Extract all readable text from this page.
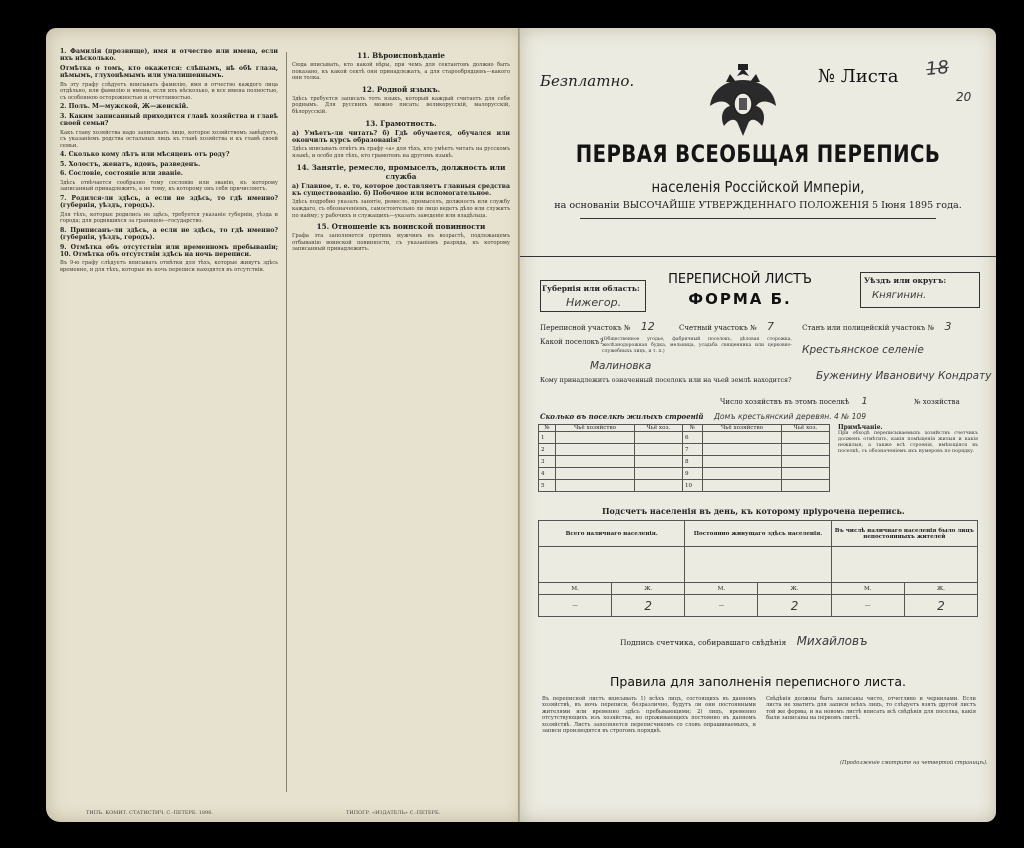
1. Фамилія (прозвище), имя и отчество или имена, если ихъ нѣсколько.

Отмѣтка о томъ, кто окажется: слѣпымъ, нѣ обѣ глаза, нѣмымъ, глухонѣмымъ или умалишеннымъ.

Въ эту графу слѣдуетъ вписывать фамилію, имя и отчество каждого лица отдѣльно, или фамилію и имена, если ихъ нѣсколько, и все имена полностью, съ особенною осторожностью и отчетливостью.

2. Полъ. М—мужской, Ж—женскій.

3. Каким записанный приходится главѣ хозяйства и главѣ своей семьи?

Какъ главу хозяйства надо записывать лицо, которое хозяйствомъ завѣдуетъ, съ указаніемъ родства остальных лицъ къ главѣ хозяйства и къ главѣ своей семьи.

4. Сколько кому лѣтъ или мѣсяцевъ отъ роду?

5. Холостъ, женатъ, вдовъ, разведенъ.

6. Сословіе, состояніе или званіе.

Здѣсь отвѣчается сообразно тому сословію или званію, къ которому записанный принадлежитъ, а не тому, къ которому онъ себя причисляетъ.

7. Родился-ли здѣсь, а если не здѣсь, то гдѣ именно? (губернія, уѣздъ, городъ).

Для тѣхъ, которые родились не здѣсь, требуется указаніе губерніи, уѣзда и города; для родившихся за границею—государство.

8. Приписанъ-ли здѣсь, а если не здѣсь, то гдѣ именно? (губернія, уѣздъ, городъ).

9. Отмѣтка объ отсутствіи или временномъ пребываніи; 10. Отмѣтка объ отсутствіи здѣсь на ночь переписи.

Въ 9-ю графу слѣдуетъ вписывать отмѣтки для тѣхъ, которые живутъ здѣсь временно, и для тѣхъ, которые въ ночь переписи находятся въ отсутствіи.

11. Вѣроисповѣданіе

Сюда вписывать, кто какой вѣры, при чемъ для сектантовъ должно быть показано, къ какой сектѣ они принадлежатъ, а для старообрядцевъ—какого они толка.

12. Родной языкъ.

Здѣсь требуется записать тотъ языкъ, который каждый считаетъ для себя роднымъ. Для русскихъ можно писать: великорусскій, малорусскій, бѣлорусскій.

13. Грамотность.

а) Умѣетъ-ли читать? б) Гдѣ обучается, обучался или окончилъ курсъ образованія?

Здѣсь вписывать отвѣтъ въ графу «а» для тѣхъ, кто умѣетъ читать на русскомъ языкѣ, и особо для тѣхъ, кто грамотенъ на другомъ языкѣ.

14. Занятіе, ремесло, промыселъ, должность или служба

а) Главное, т. е. то, которое доставляетъ главныя средства къ существованію. б) Побочное или вспомогательное.

Здѣсь подробно указать занятіе, ремесло, промыселъ, должность или службу каждаго, съ обозначеніемъ, самостоятельно ли лицо ведетъ дѣло или служитъ по найму; у рабочихъ и служащихъ—указать заведеніе или владѣльца.

15. Отношеніе къ воинской повинности

Графа эта заполняется противъ мужчинъ въ возрастѣ, подлежащемъ отбыванію воинской повинности, съ указаніемъ разряда, къ которому записанный принадлежитъ.

ТИПЪ. КОМИТ. СТАТИСТИЧ. С.-ПЕТЕРБ. 1896.	ТИПОГР. «ИЗДАТЕЛЬ» С.-ПЕТЕРБ.
Безплатно.	№ Листа 18
20
ПЕРВАЯ ВСЕОБЩАЯ ПЕРЕПИСЬ
населенія Россійской Имперіи,
на основаніи ВЫСОЧАЙШЕ УТВЕРЖДЕННАГО ПОЛОЖЕНІЯ 5 Іюня 1895 года.
Губернія или область:
Нижегор.
ПЕРЕПИСНОЙ ЛИСТЪ
ФОРМА Б.
Уѣздъ или округъ:
Княгинин.
Переписной участокъ № 12	Счетный участокъ № 7	Станъ или полицейскій участокъ № 3
Какой поселокъ?
(Общественное угодье, фабричный поселокъ, дѣловая сторожка, желѣзнодорожная будка, мельница, усадьба священника или церковно-служебныхъ лицъ, и т. п.)	Крестьянское селеніе
Малиновка
Кому принадлежитъ означенный поселокъ или на чьей землѣ находится? Буженину Ивановичу Кондрату
Число хозяйствъ въ этомъ поселкѣ 1	№ хозяйства
Сколько въ поселкѣ жилыхъ строеній Домъ крестьянский деревян. 4 № 109
№	Чьё хозяйство	Чьё хоз.	№	Чьё хозяйство	Чьё хоз.
1			6		
2			7		
3			8		
4			9		
5			10		
Примѣчаніе.
При обходѣ переписываемыхъ хозяйствъ счетчикъ долженъ отмѣтить, какія помѣщенія жилыя и какія нежилыя, а также всѣ строенія, имѣющіяся въ поселкѣ, съ обозначеніемъ ихъ нумеровъ по порядку.
Подсчетъ населенія въ день, къ которому пріурочена перепись.
Всего наличнаго населенія.		Постоянно живущаго здѣсь населенія.		Въ числѣ наличнаго населенія было лицъ непостоянныхъ жителей	

М.	Ж.	М.	Ж.	М.	Ж.
—	2	—	2	—	2
Подпись счетчика, собиравшаго свѣдѣнія Михайловъ
Правила для заполненія переписного листа.
Въ переписной листъ вписывать 1) всѣхъ лицъ, состоящихъ въ данномъ хозяйствѣ, въ ночь переписи, безразлично, будутъ ли они постоянными жителями или временно здѣсь пребывающими; 2) лицъ, временно отсутствующихъ изъ хозяйства, но проживающихъ постоянно въ данномъ хозяйствѣ. Листъ заполняется переписчикомъ со словъ опрашиваемыхъ, и записи производятся въ строгомъ порядкѣ.
Свѣдѣнія должны быть записаны чисто, отчетливо и чернилами. Если листа не хватитъ для записи всѣхъ лицъ, то слѣдуетъ взять другой листъ той же формы, и на новомъ листѣ вписать всѣ свѣдѣнія для поселка, какія были записаны на первомъ листѣ.
(Продолженіе смотрите на четвертой страницѣ).
